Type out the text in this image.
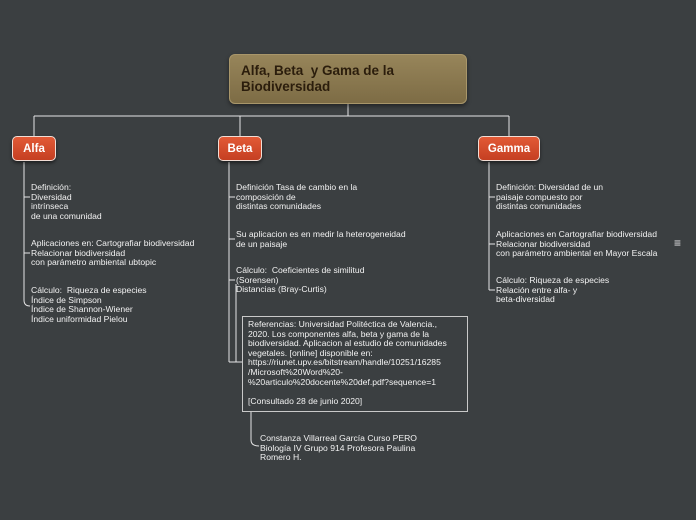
Alfa, Beta  y Gama de la
Biodiversidad
Alfa	Beta	Gamma
Definición:
Diversidad
intrínseca
de una comunidad
Aplicaciones en: Cartografiar biodiversidad
Relacionar biodiversidad
con parámetro ambiental ubtopic
Cálculo:  Riqueza de especies
Índice de Simpson
Índice de Shannon-Wiener
Índice uniformidad Pielou
Definición Tasa de cambio en la
composición de
distintas comunidades
Su aplicacion es en medir la heterogeneidad
de un paisaje
Cálculo:  Coeficientes de similitud
(Sorensen)
Distancias (Bray-Curtis)
Referencias: Universidad Politéctica de Valencia.,
2020. Los componentes alfa, beta y gama de la
biodiversidad. Aplicacion al estudio de comunidades
vegetales. [online] disponible en:
https://riunet.upv.es/bitstream/handle/10251/16285
/Microsoft%20Word%20-
%20articulo%20docente%20def.pdf?sequence=1

[Consultado 28 de junio 2020]
Constanza Villarreal García Curso PERO
Biología IV Grupo 914 Profesora Paulina
Romero H.
Definición: Diversidad de un
paisaje compuesto por
distintas comunidades
Aplicaciones en Cartografiar biodiversidad
Relacionar biodiversidad
con parámetro ambiental en Mayor Escala
Cálculo: Riqueza de especies
Relación entre alfa- y
beta-diversidad
≡
